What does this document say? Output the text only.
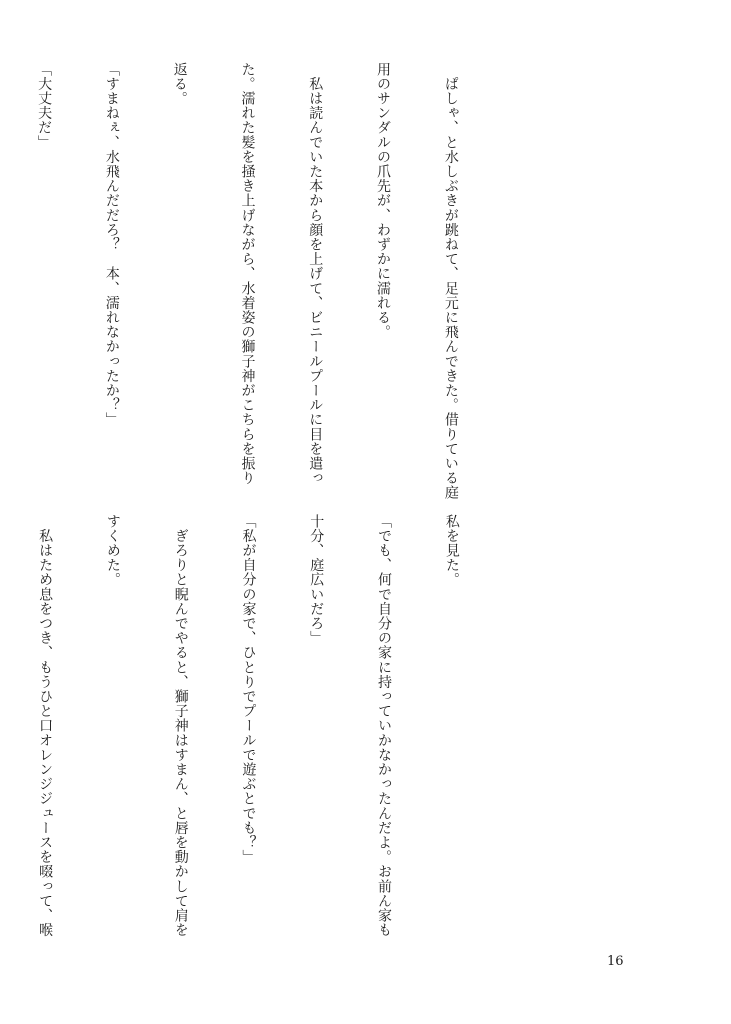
　ぱしゃ、と水しぶきが跳ねて、足元に飛んできた。借りている庭

用のサンダルの爪先が、わずかに濡れる。

　私は読んでいた本から顔を上げて、ビニールプールに目を遣っ

た。濡れた髪を掻き上げながら、水着姿の獅子神がこちらを振り

返る。

「すまねぇ、水飛んだだろ？　本、濡れなかったか？」

「大丈夫だ」

私を見た。

「でも、何で自分の家に持っていかなかったんだよ。お前ん家も

十分、庭広いだろ」

「私が自分の家で、ひとりでプールで遊ぶとでも？」

　ぎろりと睨んでやると、獅子神はすまん、と唇を動かして肩を

すくめた。

　私はため息をつき、もうひと口オレンジジュースを啜って、喉

16
